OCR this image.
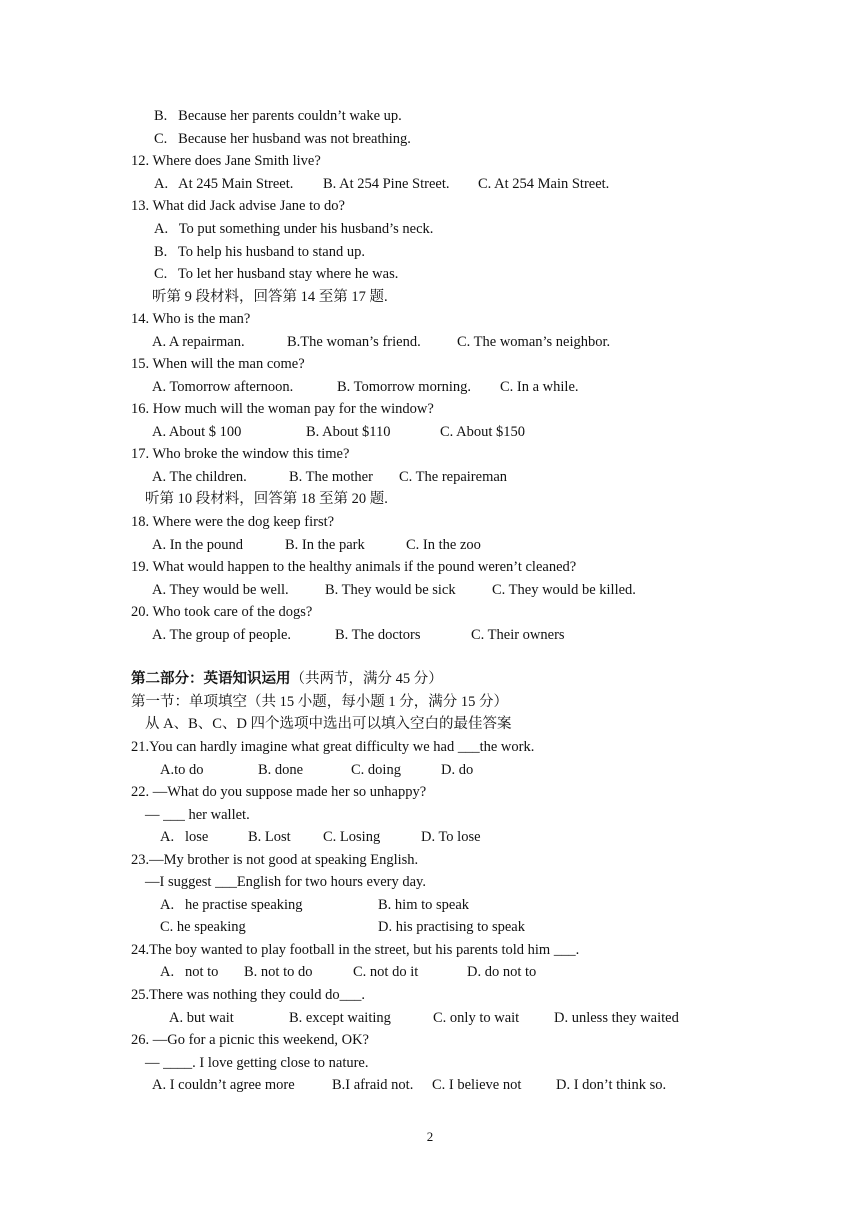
B.   Because her parents couldn’t wake up.
C.   Because her husband was not breathing.
12. Where does Jane Smith live?
A.   At 245 Main Street. B. At 254 Pine Street. C. At 254 Main Street.
13. What did Jack advise Jane to do?
A.   To put something under his husband’s neck.
B.   To help his husband to stand up.
C.   To let her husband stay where he was.
听第 9 段材料，回答第 14 至第 17 题.
14. Who is the man?
A. A repairman.	B.The woman’s friend.	C. The woman’s neighbor.
15. When will the man come?
A. Tomorrow afternoon.	B. Tomorrow morning. C. In a while.
16. How much will the woman pay for the window?
A. About $ 100	B. About $110	C. About $150
17. Who broke the window this time?
A. The children.	B. The mother C. The repaireman
听第 10 段材料，回答第 18 至第 20 题.
18. Where were the dog keep first?
A. In the pound	B. In the park	C. In the zoo
19. What would happen to the healthy animals if the pound weren’t cleaned?
A. They would be well.	B. They would be sick	C. They would be killed.
20. Who took care of the dogs?
A. The group of people.	B. The doctors	C. Their owners
第二部分：英语知识运用（共两节，满分 45 分）
第一节：单项填空（共 15 小题，每小题 1 分，满分 15 分）
从 A、B、C、D 四个选项中选出可以填入空白的最佳答案
21.You can hardly imagine what great difficulty we had ___the work.
A.to do	B. done	C. doing	D. do
22. —What do you suppose made her so unhappy?
— ___ her wallet.
A.   lose	B. Lost C. Losing	D. To lose
23.—My brother is not good at speaking English.
—I suggest ___English for two hours every day.
A.   he practise speaking	B. him to speak
C. he speaking	D. his practising to speak
24.The boy wanted to play football in the street, but his parents told him ___.
A.   not to B. not to do	C. not do it	D. do not to
25.There was nothing they could do___.
A. but wait	B. except waiting	C. only to wait D. unless they waited
26. —Go for a picnic this weekend, OK?
— ____. I love getting close to nature.
A. I couldn’t agree more	B.I afraid not. C. I believe not D. I don’t think so.
2
